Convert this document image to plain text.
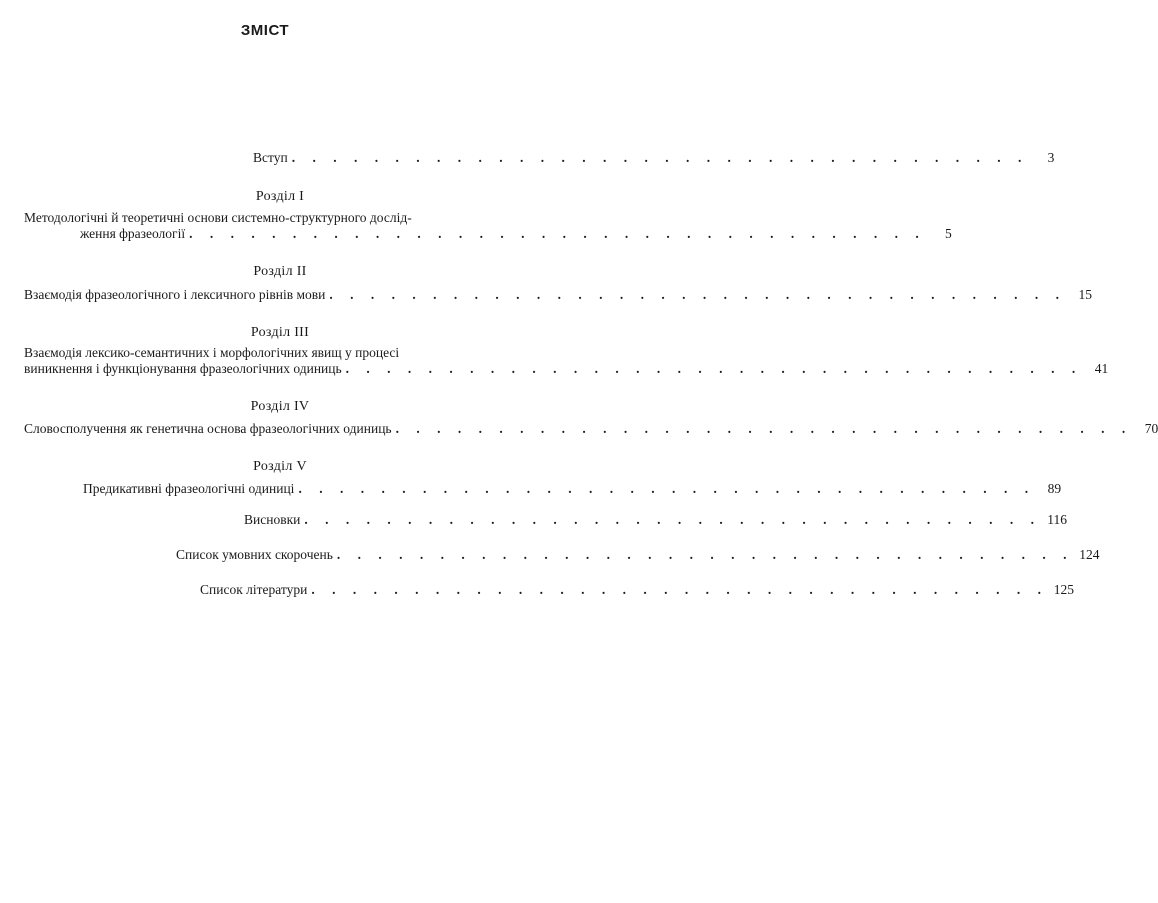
ЗМІСТ
Вступ . . . . . . . . . . . . . . . . . . . . . . . . . . . . . . . . . . . .	3
Розділ I
Методологічні й теоретичні основи системно-структурного дослід-
ження фразеології . . . . . . . . . . . . . . . . . . . . . . . . . . . . . . . . . . . .	5
Розділ II
Взаємодія фразеологічного і лексичного рівнів мови . . . . . . . . . . . . . . . . . . . . . . . . . . . . . . . . . . . . 15
Розділ III
Взаємодія лексико-семантичних і морфологічних явищ у процесі
виникнення і функціонування фразеологічних одиниць . . . . . . . . . . . . . . . . . . . . . . . . . . . . . . . . . . . . 41
Розділ IV
Словосполучення як генетична основа фразеологічних одиниць . . . . . . . . . . . . . . . . . . . . . . . . . . . . . . . . . . . . 70
Розділ V
Предикативні фразеологічні одиниці . . . . . . . . . . . . . . . . . . . . . . . . . . . . . . . . . . . . 89
Висновки . . . . . . . . . . . . . . . . . . . . . . . . . . . . . . . . . . . . 116
Список умовних скорочень . . . . . . . . . . . . . . . . . . . . . . . . . . . . . . . . . . . . 124
Список літератури . . . . . . . . . . . . . . . . . . . . . . . . . . . . . . . . . . . . 125
